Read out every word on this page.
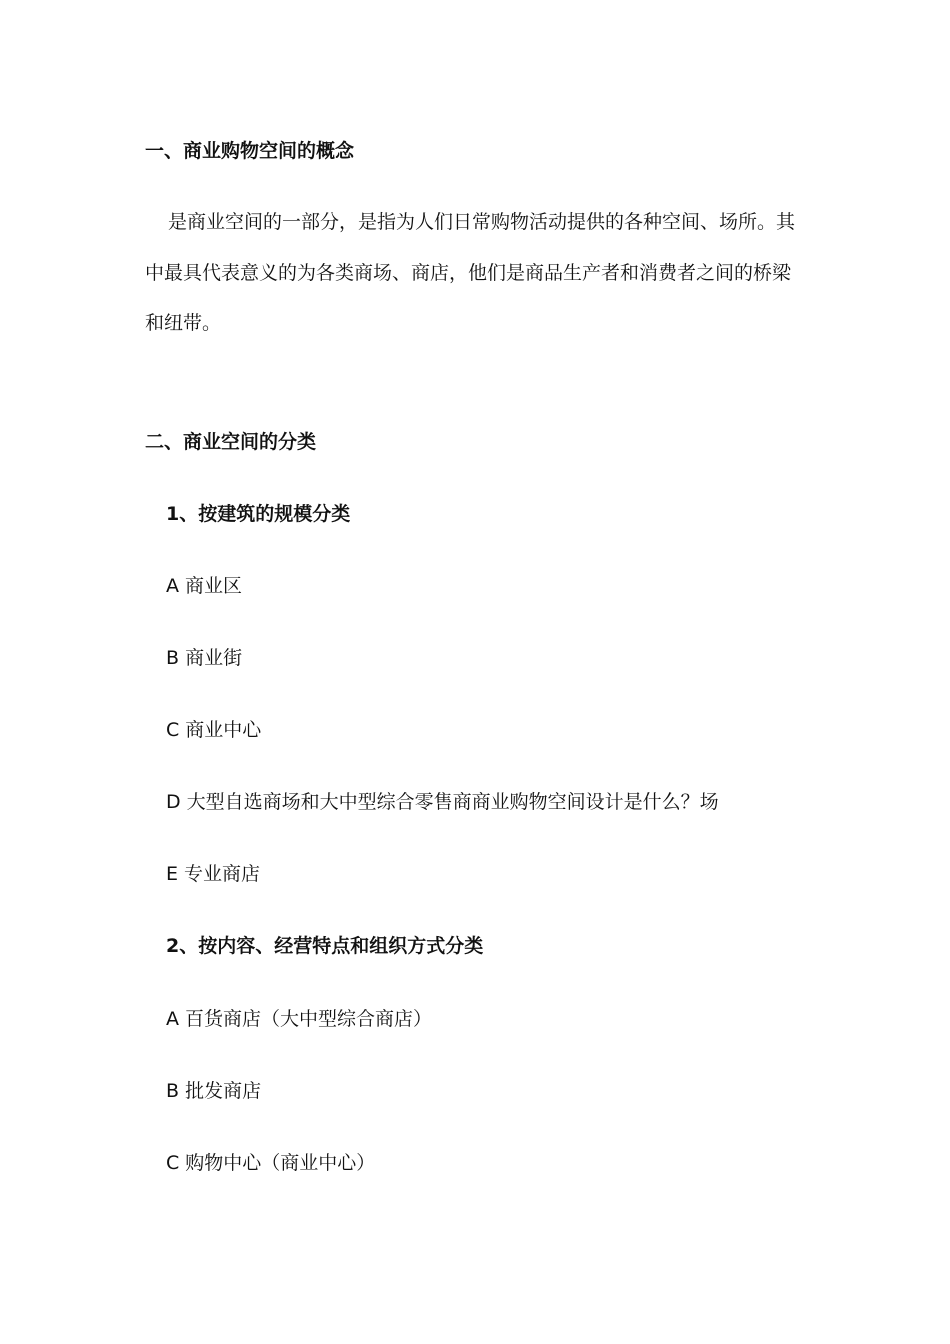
一、商业购物空间的概念
是商业空间的一部分，是指为人们日常购物活动提供的各种空间、场所。其
中最具代表意义的为各类商场、商店，他们是商品生产者和消费者之间的桥梁
和纽带。
二、商业空间的分类
1、按建筑的规模分类
A 商业区
B 商业街
C 商业中心
D 大型自选商场和大中型综合零售商商业购物空间设计是什么？场
E 专业商店
2、按内容、经营特点和组织方式分类
A 百货商店（大中型综合商店）
B 批发商店
C 购物中心（商业中心）
